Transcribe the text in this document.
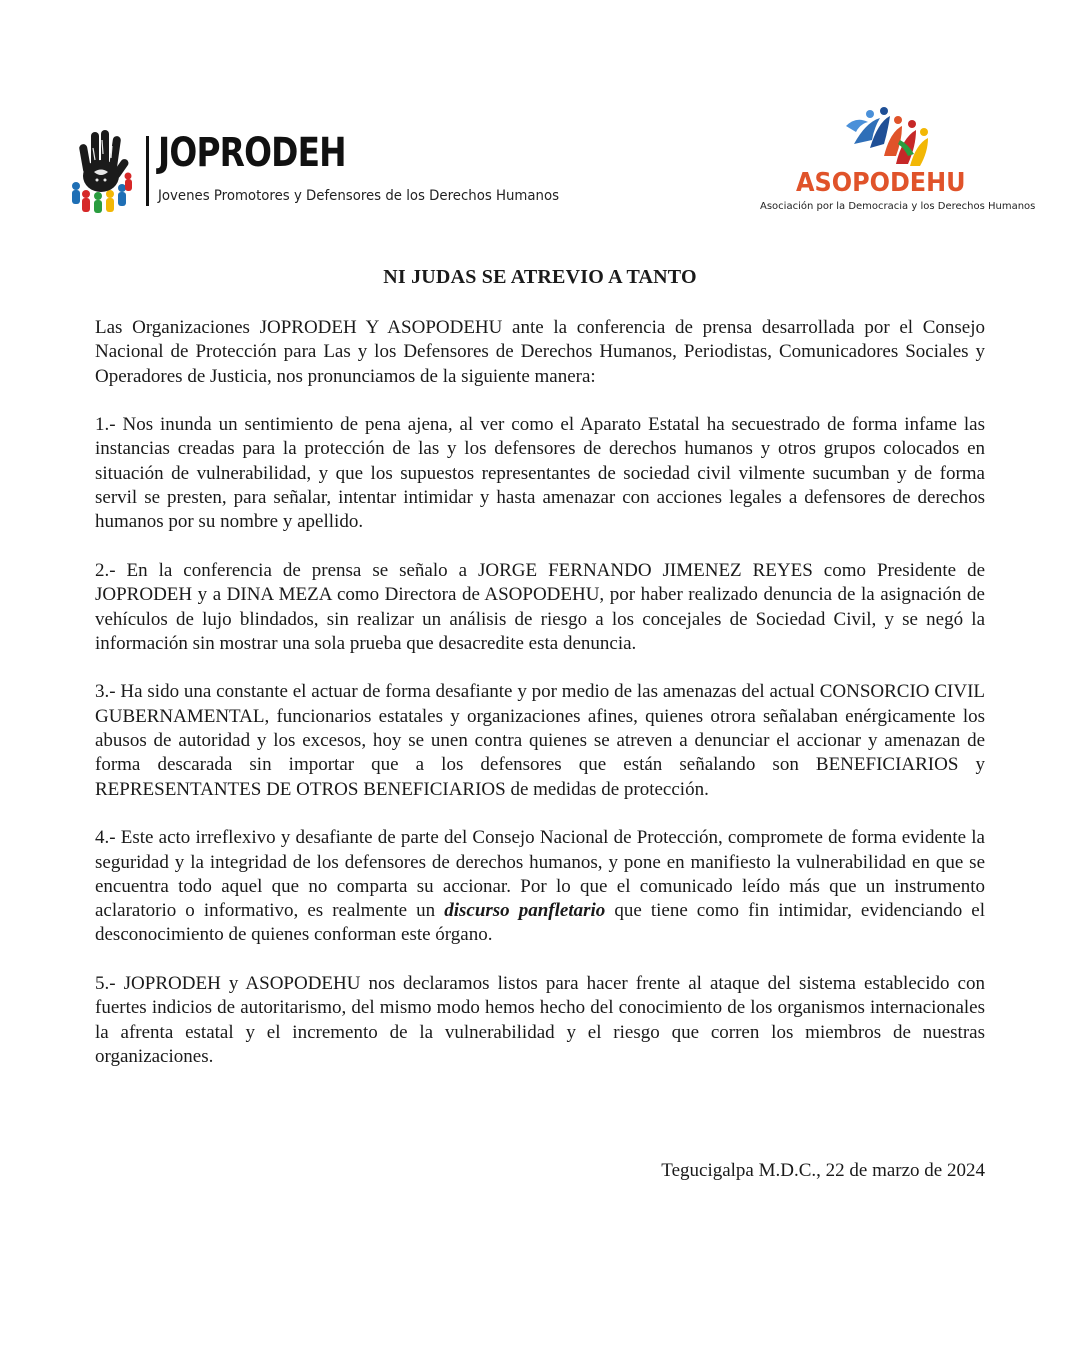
JOPRODEH
Jovenes Promotores y Defensores de los Derechos Humanos	ASOPODEHU
Asociación por la Democracia y los Derechos Humanos
NI JUDAS SE ATREVIO A TANTO

Las Organizaciones JOPRODEH Y ASOPODEHU ante la conferencia de prensa desarrollada por el Consejo Nacional de Protección para Las y los Defensores de Derechos Humanos, Periodistas, Comunicadores Sociales y Operadores de Justicia, nos pronunciamos de la siguiente manera:

1.- Nos inunda un sentimiento de pena ajena, al ver como el Aparato Estatal ha secuestrado de forma infame las instancias creadas para la protección de las y los defensores de derechos humanos y otros grupos colocados en situación de vulnerabilidad, y que los supuestos representantes de sociedad civil vilmente sucumban y de forma servil se presten, para señalar, intentar intimidar y hasta amenazar con acciones legales a defensores de derechos humanos por su nombre y apellido.

2.- En la conferencia de prensa se señalo a JORGE FERNANDO JIMENEZ REYES como Presidente de JOPRODEH y a DINA MEZA como Directora de ASOPODEHU, por haber realizado denuncia de la asignación de vehículos de lujo blindados, sin realizar un análisis de riesgo a los concejales de Sociedad Civil, y se negó la información sin mostrar una sola prueba que desacredite esta denuncia.

3.- Ha sido una constante el actuar de forma desafiante y por medio de las amenazas del actual CONSORCIO CIVIL GUBERNAMENTAL, funcionarios estatales y organizaciones afines, quienes otrora señalaban enérgicamente los abusos de autoridad y los excesos, hoy se unen contra quienes se atreven a denunciar el accionar y amenazan de forma descarada sin importar que a los defensores que están señalando son BENEFICIARIOS y REPRESENTANTES DE OTROS BENEFICIARIOS de medidas de protección.

4.- Este acto irreflexivo y desafiante de parte del Consejo Nacional de Protección, compromete de forma evidente la seguridad y la integridad de los defensores de derechos humanos, y pone en manifiesto la vulnerabilidad en que se encuentra todo aquel que no comparta su accionar. Por lo que el comunicado leído más que un instrumento aclaratorio o informativo, es realmente un discurso panfletario que tiene como fin intimidar, evidenciando el desconocimiento de quienes conforman este órgano.

5.- JOPRODEH y ASOPODEHU nos declaramos listos para hacer frente al ataque del sistema establecido con fuertes indicios de autoritarismo, del mismo modo hemos hecho del conocimiento de los organismos internacionales la afrenta estatal y el incremento de la vulnerabilidad y el riesgo que corren los miembros de nuestras organizaciones.

Tegucigalpa M.D.C., 22 de marzo de 2024
